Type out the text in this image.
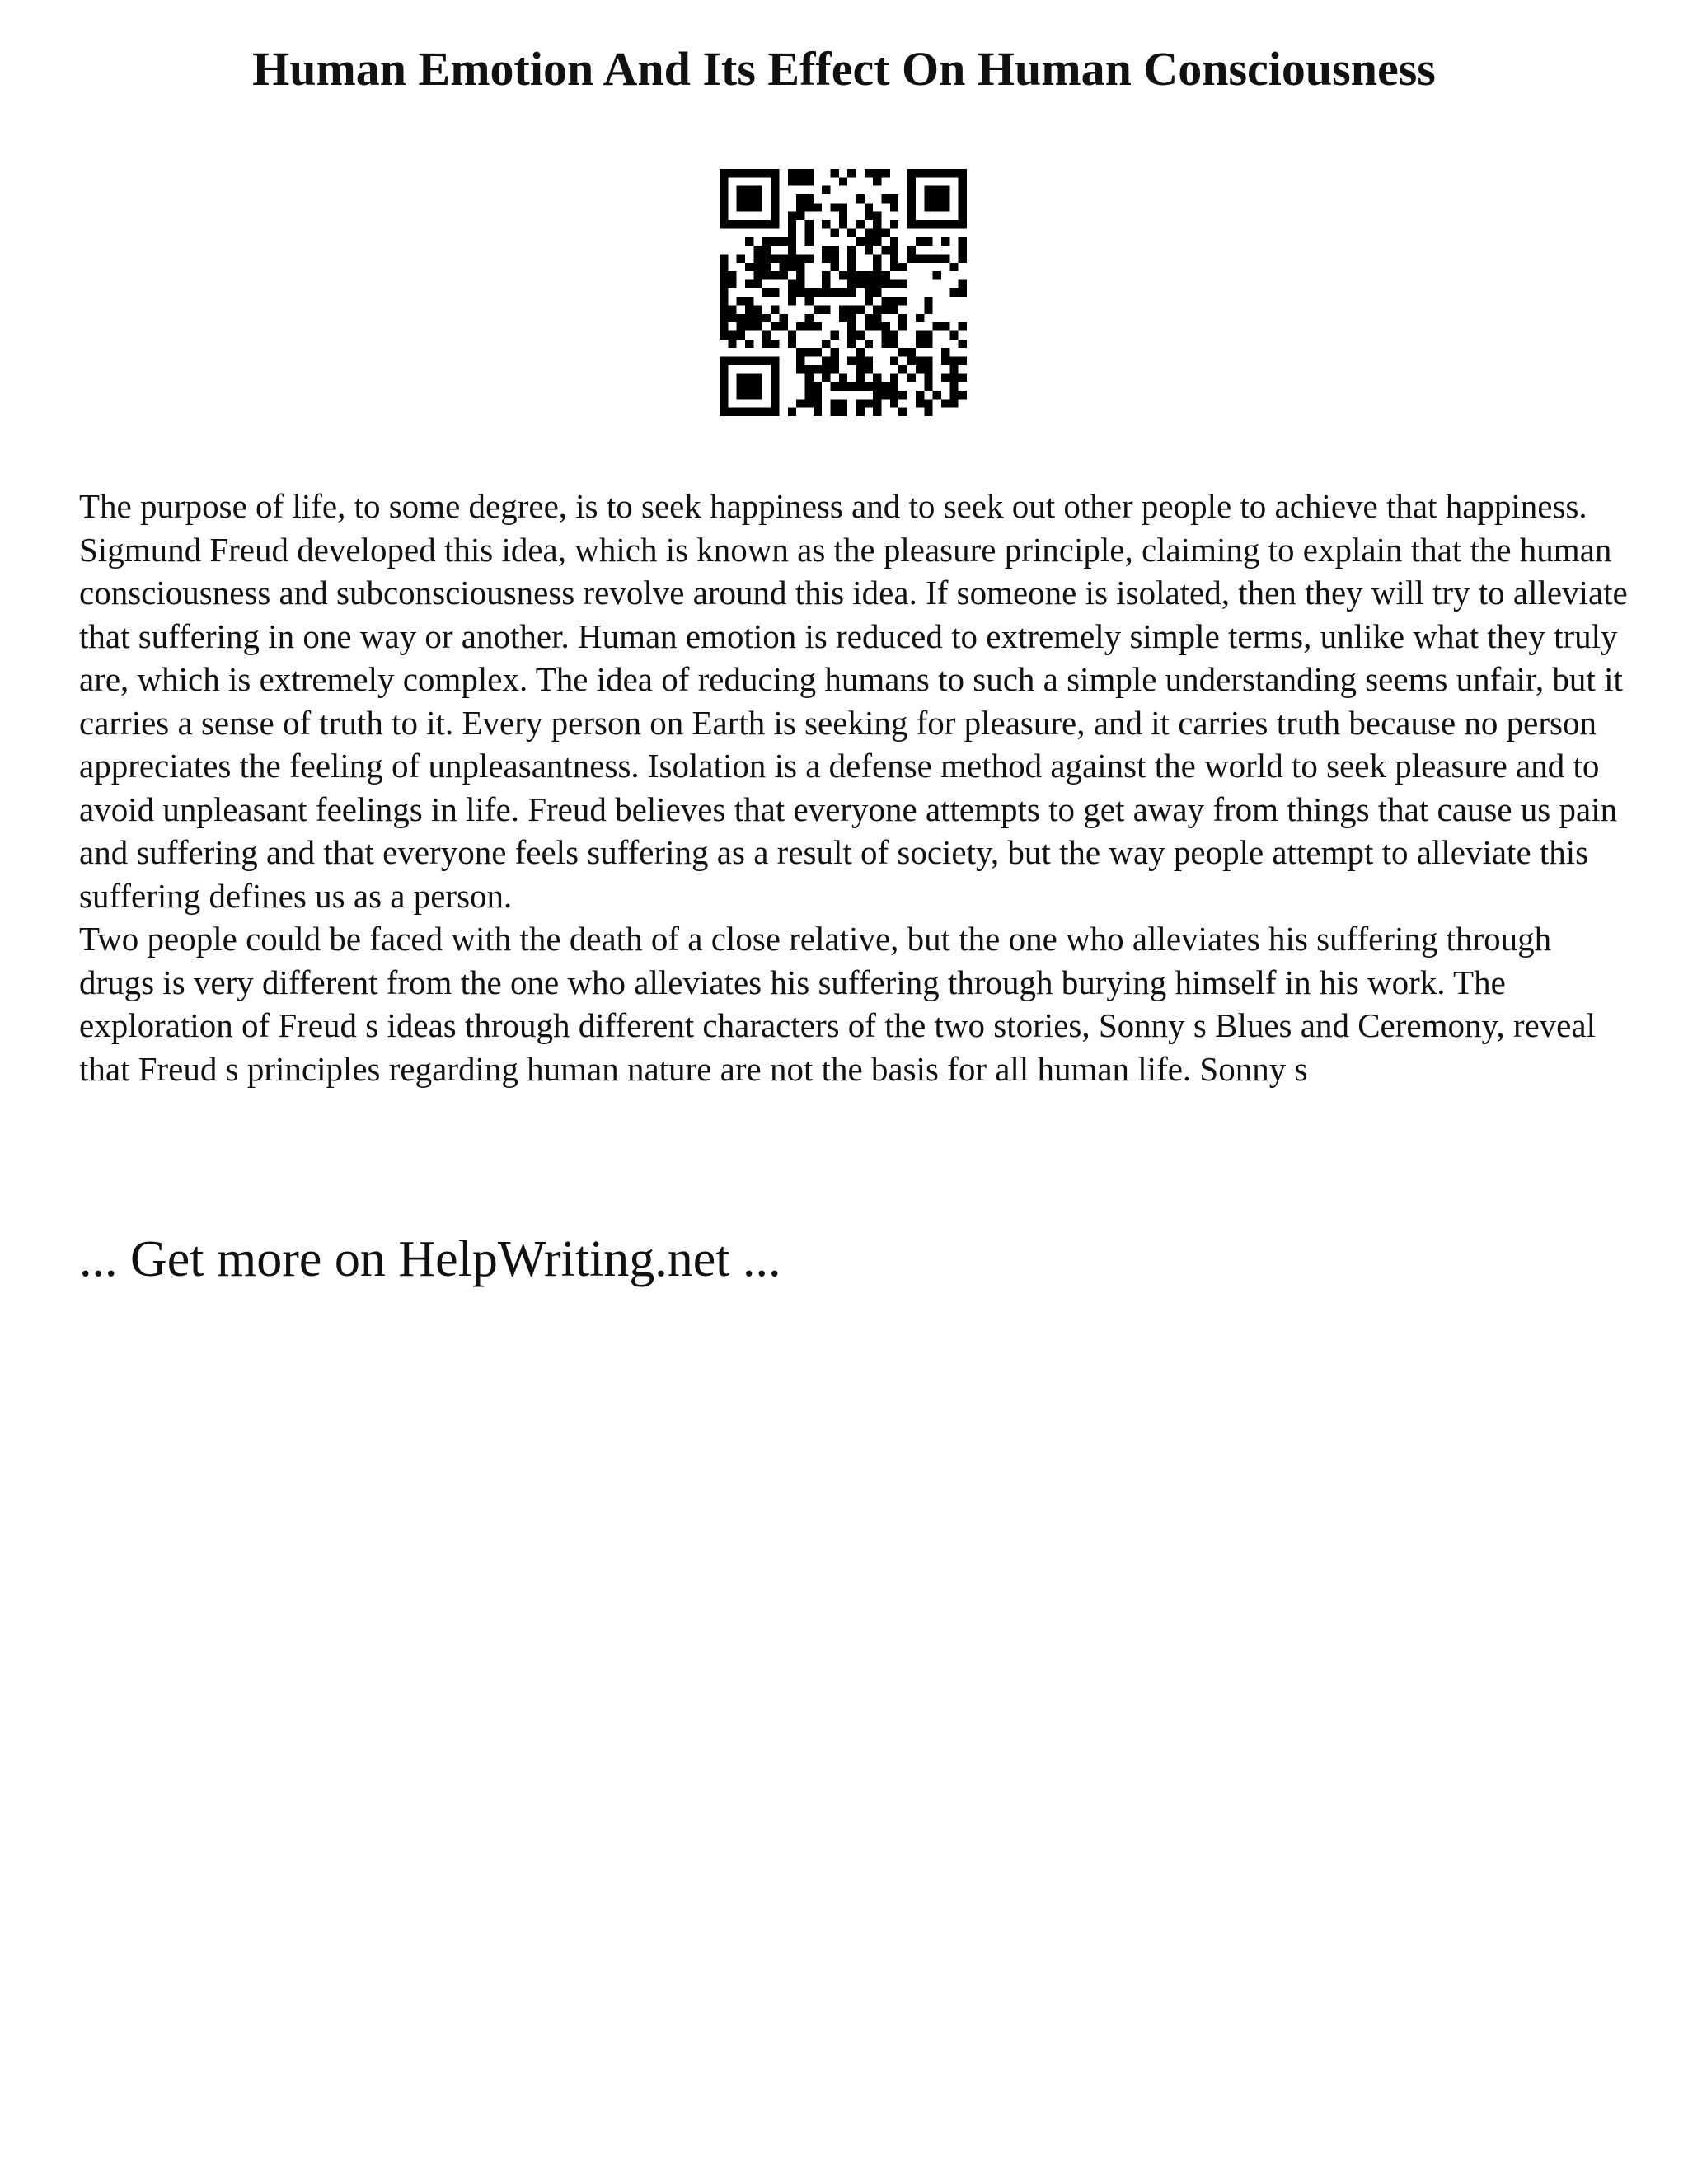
Human Emotion And Its Effect On Human Consciousness

The purpose of life, to some degree, is to seek happiness and to seek out other people to achieve that happiness. Sigmund Freud developed this idea, which is known as the pleasure principle, claiming to explain that the human consciousness and subconsciousness revolve around this idea. If someone is isolated, then they will try to alleviate that suffering in one way or another. Human emotion is reduced to extremely simple terms, unlike what they truly are, which is extremely complex. The idea of reducing humans to such a simple understanding seems unfair, but it carries a sense of truth to it. Every person on Earth is seeking for pleasure, and it carries truth because no person appreciates the feeling of unpleasantness. Isolation is a defense method against the world to seek pleasure and to avoid unpleasant feelings in life. Freud believes that everyone attempts to get away from things that cause us pain and suffering and that everyone feels suffering as a result of society, but the way people attempt to alleviate this suffering defines us as a person.

Two people could be faced with the death of a close relative, but the one who alleviates his suffering through drugs is very different from the one who alleviates his suffering through burying himself in his work. The exploration of Freud s ideas through different characters of the two stories, Sonny s Blues and Ceremony, reveal that Freud s principles regarding human nature are not the basis for all human life. Sonny s

... Get more on HelpWriting.net ...
